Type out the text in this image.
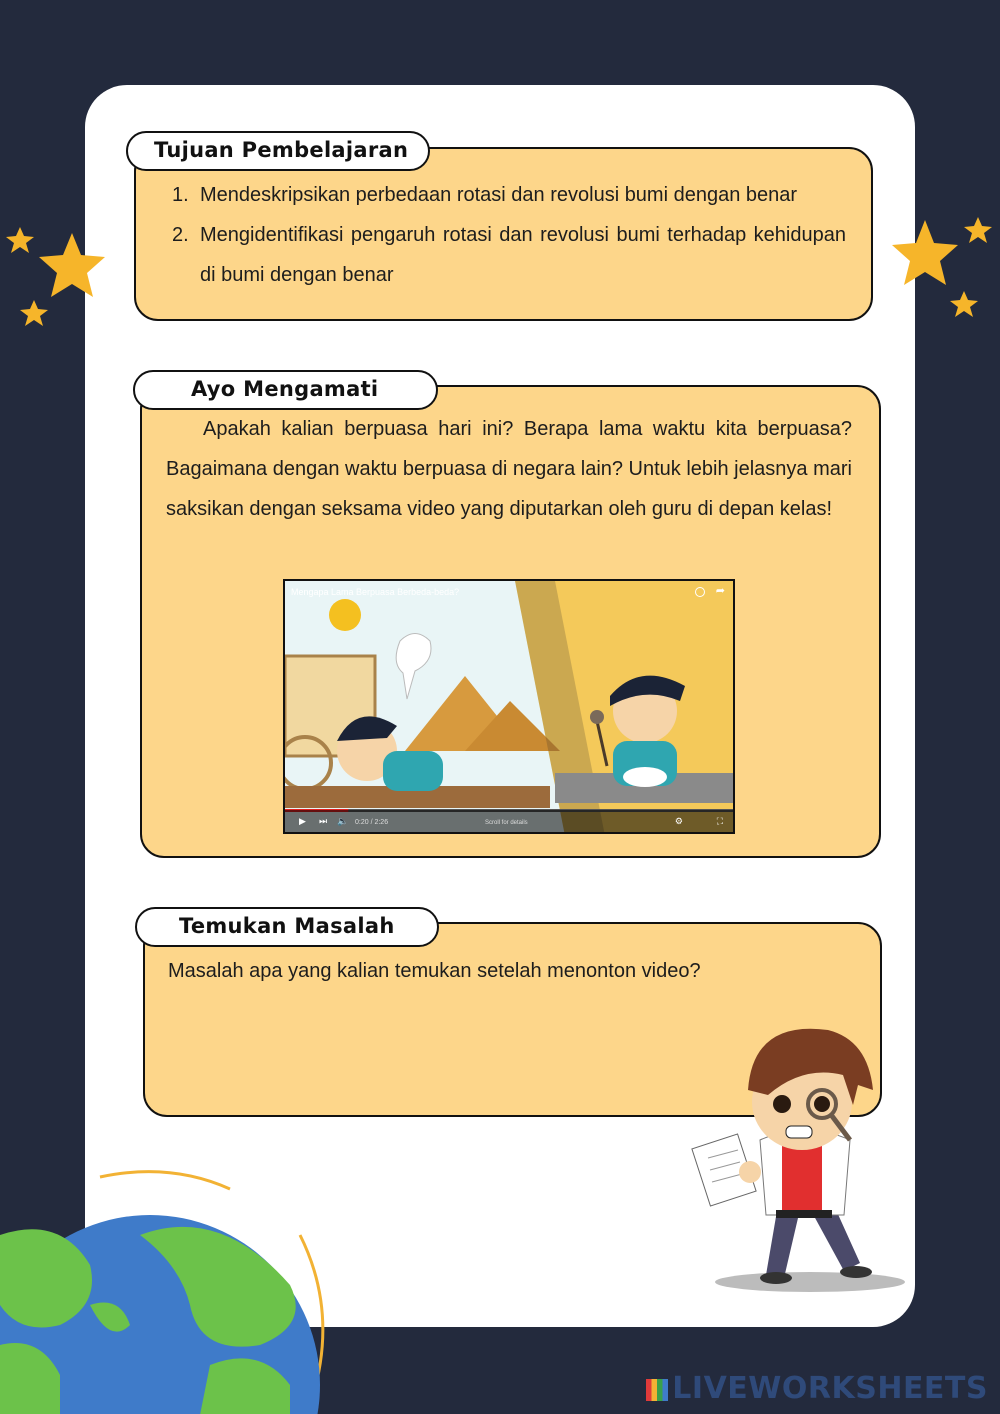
Tujuan Pembelajaran
1. Mendeskripsikan perbedaan rotasi dan revolusi bumi dengan benar
2. Mengidentifikasi pengaruh rotasi dan revolusi bumi terhadap kehidupan di bumi dengan benar
Ayo Mengamati
Apakah kalian berpuasa hari ini? Berapa lama waktu kita berpuasa? Bagaimana dengan waktu berpuasa di negara lain? Untuk lebih jelasnya mari saksikan dengan seksama video yang diputarkan oleh guru di depan kelas!
Mengapa Lama Berpuasa Berbeda-beda?	➦
▶ ⏭ 🔈 0:20 / 2:26	Scroll for details	⚙	⛶
Temukan Masalah
Masalah apa yang kalian temukan setelah menonton video?
LIVEWORKSHEETS
